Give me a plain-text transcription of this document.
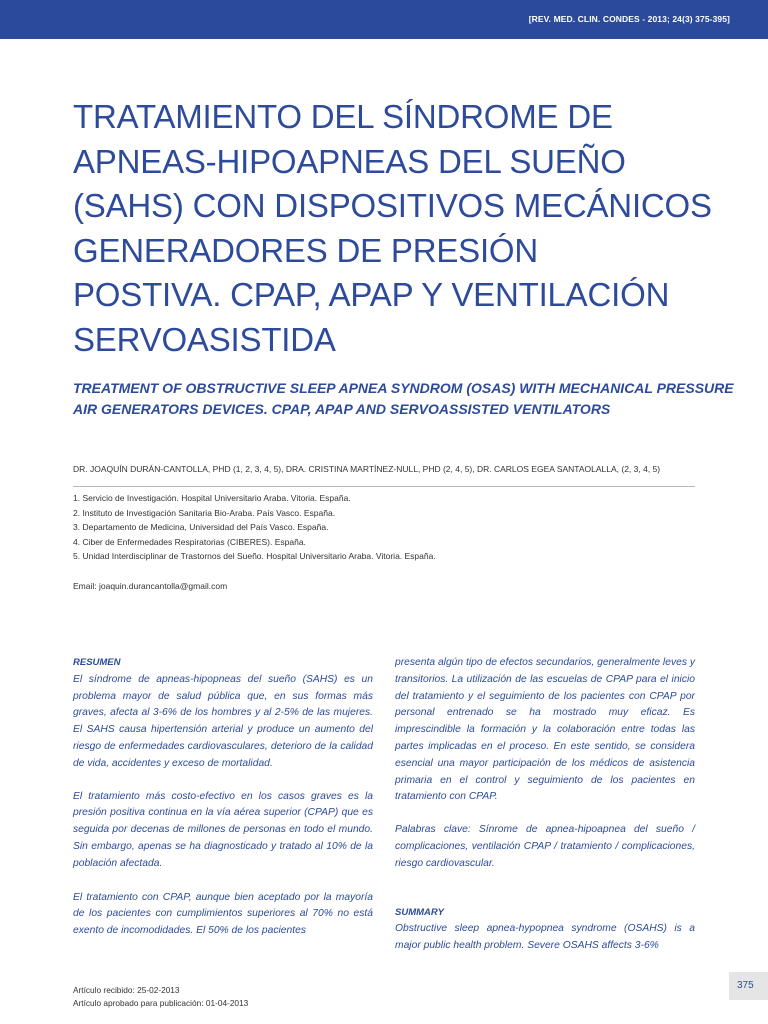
[REV. MED. CLIN. CONDES - 2013; 24(3) 375-395]
TRATAMIENTO DEL SÍNDROME DE
APNEAS-HIPOAPNEAS DEL SUEÑO
(SAHS) CON DISPOSITIVOS MECÁNICOS
GENERADORES DE PRESIÓN
POSTIVA. CPAP, APAP Y VENTILACIÓN
SERVOASISTIDA
TREATMENT OF OBSTRUCTIVE SLEEP APNEA SYNDROM (OSAS) WITH MECHANICAL PRESSURE
AIR GENERATORS DEVICES. CPAP, APAP AND SERVOASSISTED VENTILATORS
DR. JOAQUÍN DURÁN-CANTOLLA, PHD (1, 2, 3, 4, 5), DRA. CRISTINA MARTÍNEZ-NULL, PHD (2, 4, 5), DR. CARLOS EGEA SANTAOLALLA, (2, 3, 4, 5)
1. Servicio de Investigación. Hospital Universitario Araba. Vitoria. España.
2. Instituto de Investigación Sanitaria Bio-Araba. País Vasco. España.
3. Departamento de Medicina, Universidad del País Vasco. España.
4. Ciber de Enfermedades Respiratorias (CIBERES). España.
5. Unidad Interdisciplinar de Trastornos del Sueño. Hospital Universitario Araba. Vitoria. España.
Email: joaquin.durancantolla@gmail.com

RESUMEN

El síndrome de apneas-hipopneas del sueño (SAHS) es un problema mayor de salud pública que, en sus formas más graves, afecta al 3-6% de los hombres y al 2-5% de las mujeres. El SAHS causa hipertensión arterial y produce un aumento del riesgo de enfermedades cardiovasculares, deterioro de la calidad de vida, accidentes y exceso de mortalidad.

El tratamiento más costo-efectivo en los casos graves es la presión positiva continua en la vía aérea superior (CPAP) que es seguida por decenas de millones de personas en todo el mundo. Sin embargo, apenas se ha diagnosticado y tratado al 10% de la población afectada.

El tratamiento con CPAP, aunque bien aceptado por la mayoría de los pacientes con cumplimientos superiores al 70% no está exento de incomodidades. El 50% de los pacientes

presenta algún tipo de efectos secundarios, generalmente leves y transitorios. La utilización de las escuelas de CPAP para el inicio del tratamiento y el seguimiento de los pacientes con CPAP por personal entrenado se ha mostrado muy eficaz. Es imprescindible la formación y la colaboración entre todas las partes implicadas en el proceso. En este sentido, se considera esencial una mayor participación de los médicos de asistencia primaria en el control y seguimiento de los pacientes en tratamiento con CPAP.

Palabras clave: Sínrome de apnea-hipoapnea del sueño / complicaciones, ventilación CPAP / tratamiento / complicaciones, riesgo cardiovascular.

SUMMARY

Obstructive sleep apnea-hypopnea syndrome (OSAHS) is a major public health problem. Severe OSAHS affects 3-6%

Artículo recibido: 25-02-2013
Artículo aprobado para publicación: 01-04-2013
375
